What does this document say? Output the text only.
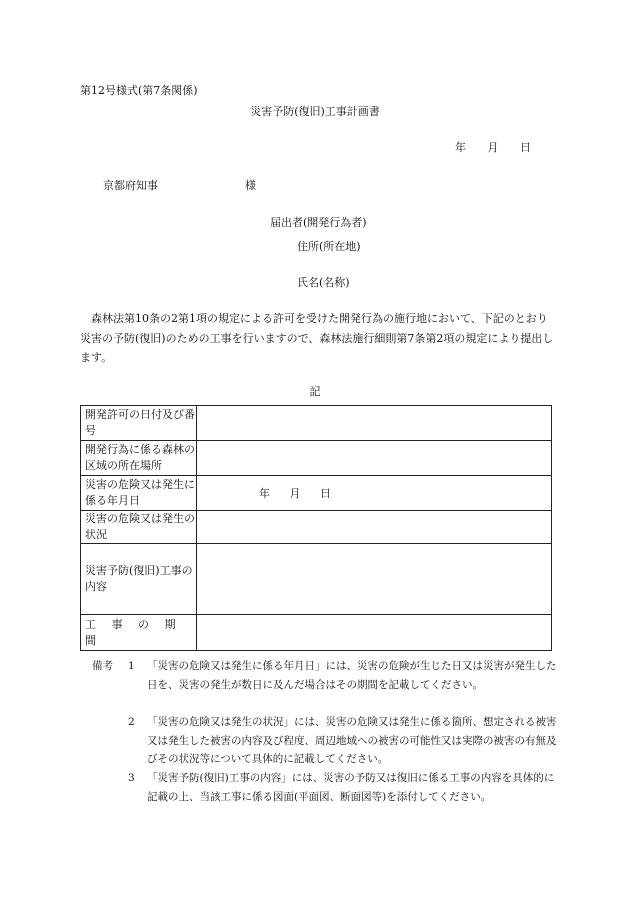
第12号様式(第7条関係)
災害予防(復旧)工事計画書
年 月 日
京都府知事	様
届出者(開発行為者)
住所(所在地)
氏名(名称)
森林法第10条の2第1項の規定による許可を受けた開発行為の施行地において、下記のとおり災害の予防(復旧)のための工事を行いますので、森林法施行細則第7条第2項の規定により提出します。
記
開発許可の日付及び番号	
開発行為に係る森林の区域の所在場所	
災害の危険又は発生に係る年月日	年 月 日
災害の危険又は発生の状況	
災害予防(復旧)工事の内容	
工事の期間	
備考 1	「災害の危険又は発生に係る年月日」には、災害の危険が生じた日又は災害が発生した日を、災害の発生が数日に及んだ場合はその期間を記載してください。
2	「災害の危険又は発生の状況」には、災害の危険又は発生に係る箇所、想定される被害又は発生した被害の内容及び程度、周辺地域への被害の可能性又は実際の被害の有無及びその状況等について具体的に記載してください。
3	「災害予防(復旧)工事の内容」には、災害の予防又は復旧に係る工事の内容を具体的に記載の上、当該工事に係る図面(平面図、断面図等)を添付してください。
